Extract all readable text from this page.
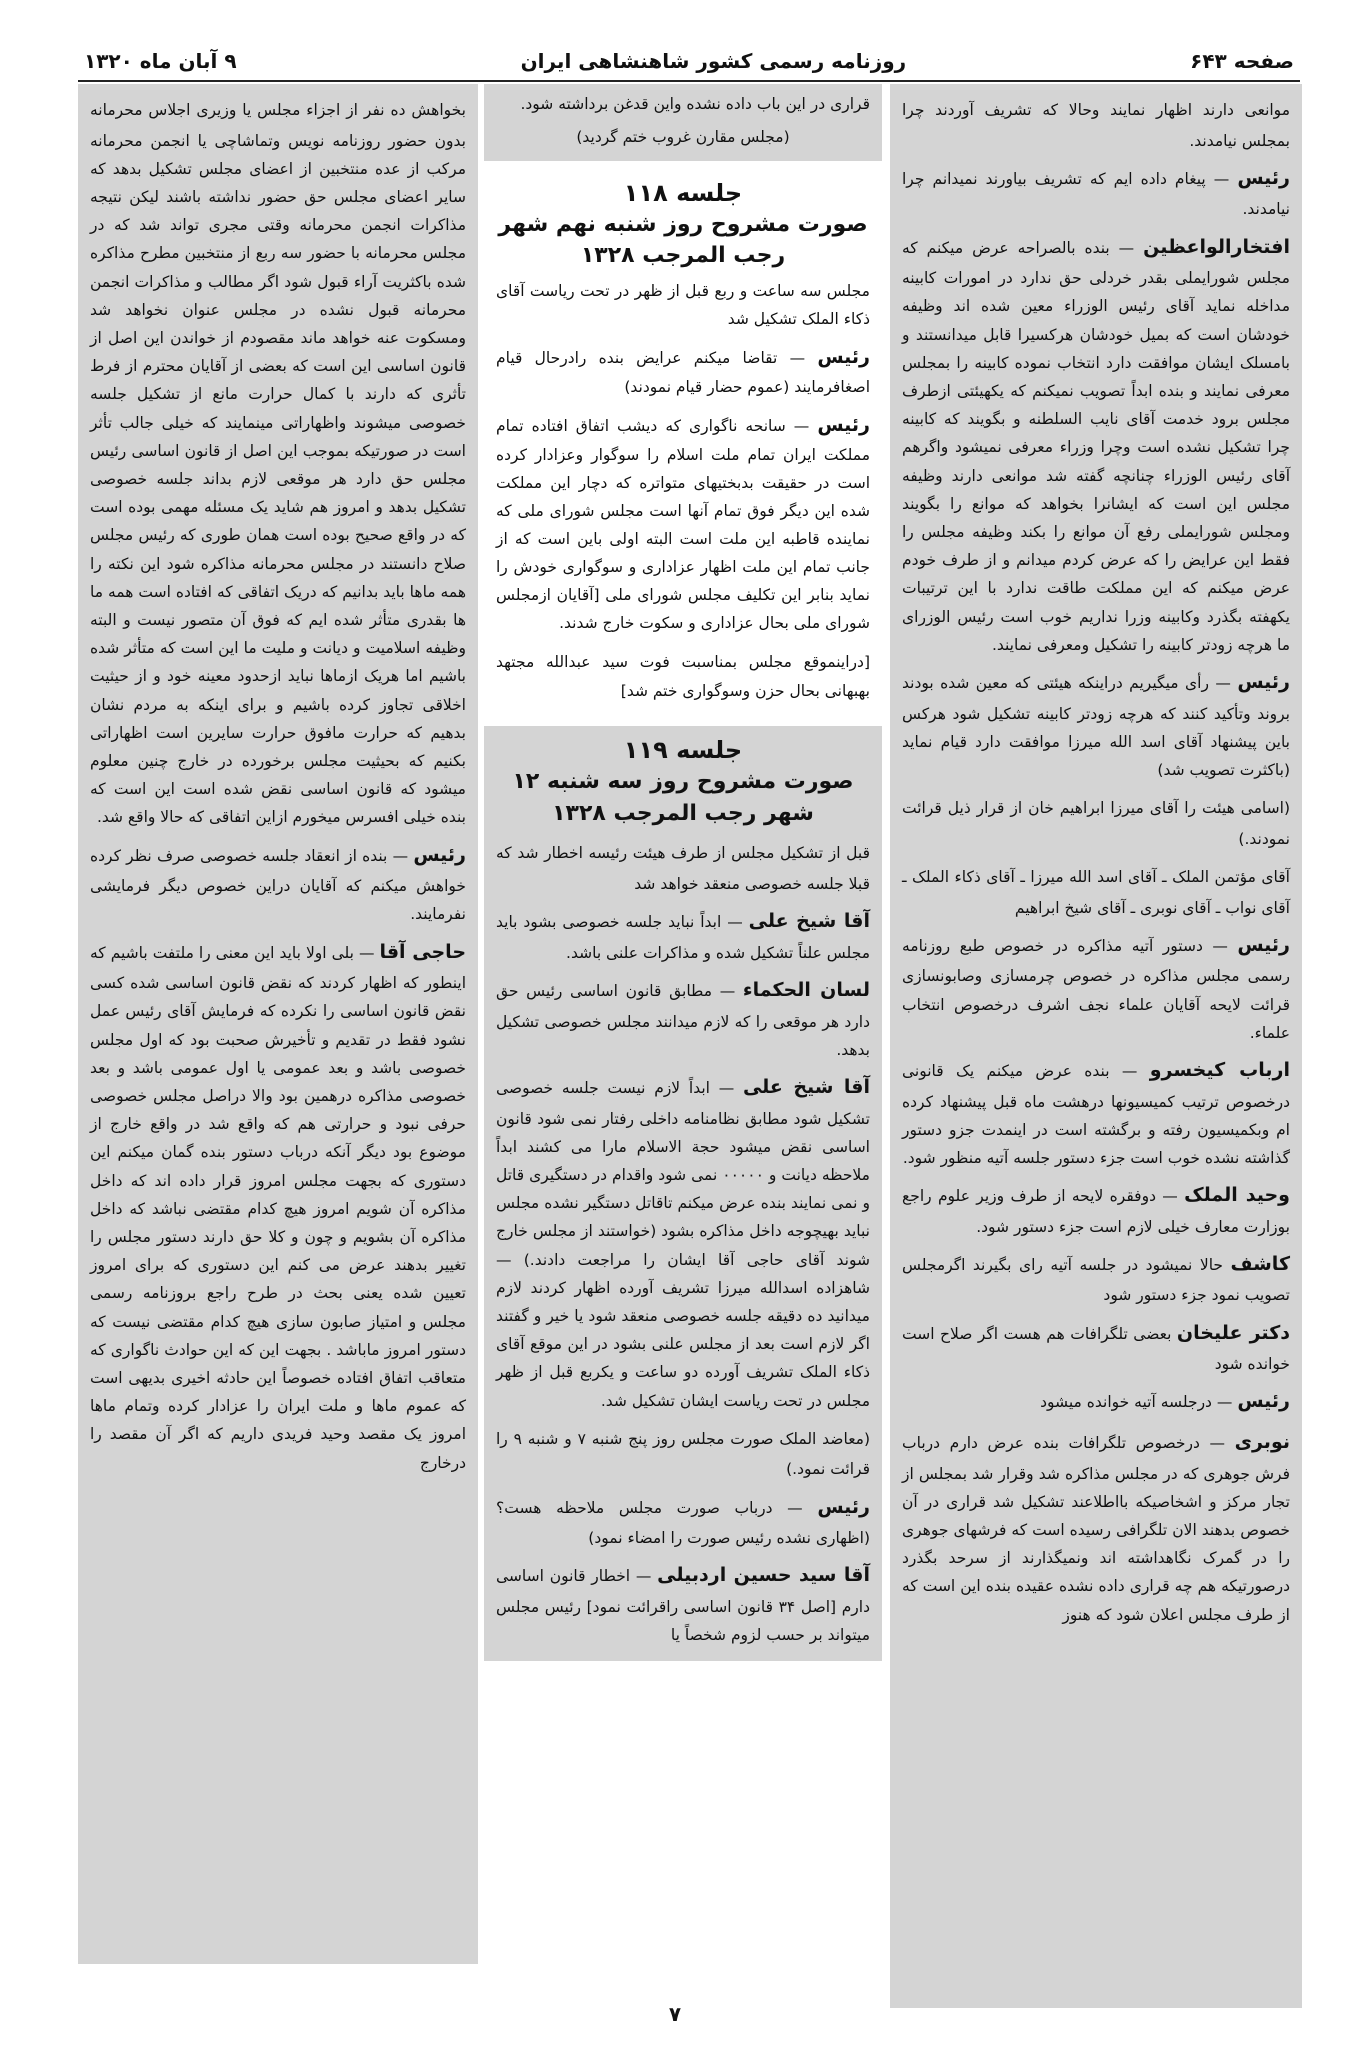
صفحه ۶۴۳
روزنامه رسمی کشور شاهنشاهی ایران
۹ آبان ماه ۱۳۲۰

موانعی دارند اظهار نمایند وحالا که تشریف آوردند چرا بمجلس نیامدند.

رئیس — پیغام داده ایم که تشریف بیاورند نمیدانم چرا نیامدند.

افتخارالواعظین — بنده بالصراحه عرض میکنم که مجلس شورایملی بقدر خردلی حق ندارد در امورات کابینه مداخله نماید آقای رئیس الوزراء معین شده اند وظیفه خودشان است که بمیل خودشان هرکسیرا قابل میدانستند و بامسلک ایشان موافقت دارد انتخاب نموده کابینه را بمجلس معرفی نمایند و بنده ابداً تصویب نمیکنم که یکهیئتی ازطرف مجلس برود خدمت آقای نایب السلطنه و بگویند که کابینه چرا تشکیل نشده است وچرا وزراء معرفی نمیشود واگرهم آقای رئیس الوزراء چنانچه گفته شد موانعی دارند وظیفه مجلس این است که ایشانرا بخواهد که موانع را بگویند ومجلس شورایملی رفع آن موانع را بکند وظیفه مجلس را فقط این عرایض را که عرض کردم میدانم و از طرف خودم عرض میکنم که این مملکت طاقت ندارد با این ترتیبات یکهفته بگذرد وکابینه وزرا نداریم خوب است رئیس الوزرای ما هرچه زودتر کابینه را تشکیل ومعرفی نمایند.

رئیس — رأی میگیریم دراینکه هیئتی که معین شده بودند بروند وتأکید کنند که هرچه زودتر کابینه تشکیل شود هرکس باین پیشنهاد آقای اسد الله میرزا موافقت دارد قیام نماید (باکثرت تصویب شد)

(اسامی هیئت را آقای میرزا ابراهیم خان از قرار ذیل قرائت نمودند.)

آقای مؤتمن الملک ـ آقای اسد الله میرزا ـ آقای ذکاء الملک ـ آقای نواب ـ آقای نوبری ـ آقای شیخ ابراهیم

رئیس — دستور آتیه مذاکره در خصوص طبع روزنامه رسمی مجلس مذاکره در خصوص چرمسازی وصابونسازی قرائت لایحه آقایان علماء نجف اشرف درخصوص انتخاب علماء.

ارباب کیخسرو — بنده عرض میکنم یک قانونی درخصوص ترتیب کمیسیونها درهشت ماه قبل پیشنهاد کرده ام وبکمیسیون رفته و برگشته است در اینمدت جزو دستور گذاشته نشده خوب است جزء دستور جلسه آتیه منظور شود.

وحید الملک — دوفقره لایحه از طرف وزیر علوم راجع بوزارت معارف خیلی لازم است جزء دستور شود.

کاشف حالا نمیشود در جلسه آتیه رای بگیرند اگرمجلس تصویب نمود جزء دستور شود

دکتر علیخان بعضی تلگرافات هم هست اگر صلاح است خوانده شود

رئیس — درجلسه آتیه خوانده میشود

نوبری — درخصوص تلگرافات بنده عرض دارم درباب فرش جوهری که در مجلس مذاکره شد وقرار شد بمجلس از تجار مرکز و اشخاصیکه بااطلاعند تشکیل شد قراری در آن خصوص بدهند الان تلگرافی رسیده است که فرشهای جوهری را در گمرک نگاهداشته اند ونمیگذارند از سرحد بگذرد درصورتیکه هم چه قراری داده نشده عقیده بنده این است که از طرف مجلس اعلان شود که هنوز

قراری در این باب داده نشده واین قدغن برداشته شود.

(مجلس مقارن غروب ختم گردید)
جلسه ۱۱۸
صورت مشروح روز شنبه نهم شهر رجب المرجب ۱۳۲۸

مجلس سه ساعت و ربع قبل از ظهر در تحت ریاست آقای ذکاء الملک تشکیل شد

رئیس — تقاضا میکنم عرایض بنده رادرحال قیام اصغافرمایند (عموم حضار قیام نمودند)

رئیس — سانحه ناگواری که دیشب اتفاق افتاده تمام مملکت ایران تمام ملت اسلام را سوگوار وعزادار کرده است در حقیقت بدبختیهای متواتره که دچار این مملکت شده این دیگر فوق تمام آنها است مجلس شورای ملی که نماینده قاطبه این ملت است البته اولی باین است که از جانب تمام این ملت اظهار عزاداری و سوگواری خودش را نماید بنابر این تکلیف مجلس شورای ملی [آقایان ازمجلس شورای ملی بحال عزاداری و سکوت خارج شدند.

[دراینموقع مجلس بمناسبت فوت سید عبدالله مجتهد بهبهانی بحال حزن وسوگواری ختم شد]

جلسه ۱۱۹
صورت مشروح روز سه شنبه ۱۲ شهر رجب المرجب ۱۳۲۸

قبل از تشکیل مجلس از طرف هیئت رئیسه اخطار شد که قبلا جلسه خصوصی منعقد خواهد شد

آقا شیخ علی — ابداً نباید جلسه خصوصی بشود باید مجلس علناً تشکیل شده و مذاکرات علنی باشد.

لسان الحکماء — مطابق قانون اساسی رئیس حق دارد هر موقعی را که لازم میدانند مجلس خصوصی تشکیل بدهد.

آقا شیخ علی — ابداً لازم نیست جلسه خصوصی تشکیل شود مطابق نظامنامه داخلی رفتار نمی شود قانون اساسی نقض میشود حجة الاسلام مارا می کشند ابداً ملاحظه دیانت و ۰۰۰۰۰ نمی شود واقدام در دستگیری قاتل و نمی نمایند بنده عرض میکنم تاقاتل دستگیر نشده مجلس نباید بهیچوجه داخل مذاکره بشود (خواستند از مجلس خارج شوند آقای حاجی آقا ایشان را مراجعت دادند.) — شاهزاده اسدالله میرزا تشریف آورده اظهار کردند لازم میدانید ده دقیقه جلسه خصوصی منعقد شود یا خیر و گفتند اگر لازم است بعد از مجلس علنی بشود در این موقع آقای ذکاء الملک تشریف آورده دو ساعت و یکربع قبل از ظهر مجلس در تحت ریاست ایشان تشکیل شد.

(معاضد الملک صورت مجلس روز پنج شنبه ۷ و شنبه ۹ را قرائت نمود.)

رئیس — درباب صورت مجلس ملاحظه هست؟ (اظهاری نشده رئیس صورت را امضاء نمود)

آقا سید حسین اردبیلی — اخطار قانون اساسی دارم [اصل ۳۴ قانون اساسی راقرائت نمود] رئیس مجلس میتواند بر حسب لزوم شخصاً یا

بخواهش ده نفر از اجزاء مجلس یا وزیری اجلاس محرمانه بدون حضور روزنامه نویس وتماشاچی یا انجمن محرمانه مرکب از عده منتخبین از اعضای مجلس تشکیل بدهد که سایر اعضای مجلس حق حضور نداشته باشند لیکن نتیجه مذاکرات انجمن محرمانه وقتی مجری تواند شد که در مجلس محرمانه با حضور سه ربع از منتخبین مطرح مذاکره شده باکثریت آراء قبول شود اگر مطالب و مذاکرات انجمن محرمانه قبول نشده در مجلس عنوان نخواهد شد ومسکوت عنه خواهد ماند مقصودم از خواندن این اصل از قانون اساسی این است که بعضی از آقایان محترم از فرط تأثری که دارند با کمال حرارت مانع از تشکیل جلسه خصوصی میشوند واظهاراتی مینمایند که خیلی جالب تأثر است در صورتیکه بموجب این اصل از قانون اساسی رئیس مجلس حق دارد هر موقعی لازم بداند جلسه خصوصی تشکیل بدهد و امروز هم شاید یک مسئله مهمی بوده است که در واقع صحیح بوده است همان طوری که رئیس مجلس صلاح دانستند در مجلس محرمانه مذاکره شود این نکته را همه ماها باید بدانیم که دریک اتفاقی که افتاده است همه ما ها بقدری متأثر شده ایم که فوق آن متصور نیست و البته وظیفه اسلامیت و دیانت و ملیت ما این است که متأثر شده باشیم اما هریک ازماها نباید ازحدود معینه خود و از حیثیت اخلاقی تجاوز کرده باشیم و برای اینکه به مردم نشان بدهیم که حرارت مافوق حرارت سایرین است اظهاراتی بکنیم که بحیثیت مجلس برخورده در خارج چنین معلوم میشود که قانون اساسی نقض شده است این است که بنده خیلی افسرس میخورم ازاین اتفاقی که حالا واقع شد.

رئیس — بنده از انعقاد جلسه خصوصی صرف نظر کرده خواهش میکنم که آقایان دراین خصوص دیگر فرمایشی نفرمایند.

حاجی آقا — بلی اولا باید این معنی را ملتفت باشیم که اینطور که اظهار کردند که نقض قانون اساسی شده کسی نقض قانون اساسی را نکرده که فرمایش آقای رئیس عمل نشود فقط در تقدیم و تأخیرش صحبت بود که اول مجلس خصوصی باشد و بعد عمومی یا اول عمومی باشد و بعد خصوصی مذاکره درهمین بود والا دراصل مجلس خصوصی حرفی نبود و حرارتی هم که واقع شد در واقع خارج از موضوع بود دیگر آنکه درباب دستور بنده گمان میکنم این دستوری که بجهت مجلس امروز قرار داده اند که داخل مذاکره آن شویم امروز هیچ کدام مقتضی نباشد که داخل مذاکره آن بشویم و چون و کلا حق دارند دستور مجلس را تغییر بدهند عرض می کنم این دستوری که برای امروز تعیین شده یعنی بحث در طرح راجع بروزنامه رسمی مجلس و امتیاز صابون سازی هیچ کدام مقتضی نیست که دستور امروز ماباشد . بجهت این که این حوادث ناگواری که متعاقب اتفاق افتاده خصوصاً این حادثه اخیری بدیهی است که عموم ماها و ملت ایران را عزادار کرده وتمام ماها امروز یک مقصد وحید فریدی داریم که اگر آن مقصد را درخارج

۷
